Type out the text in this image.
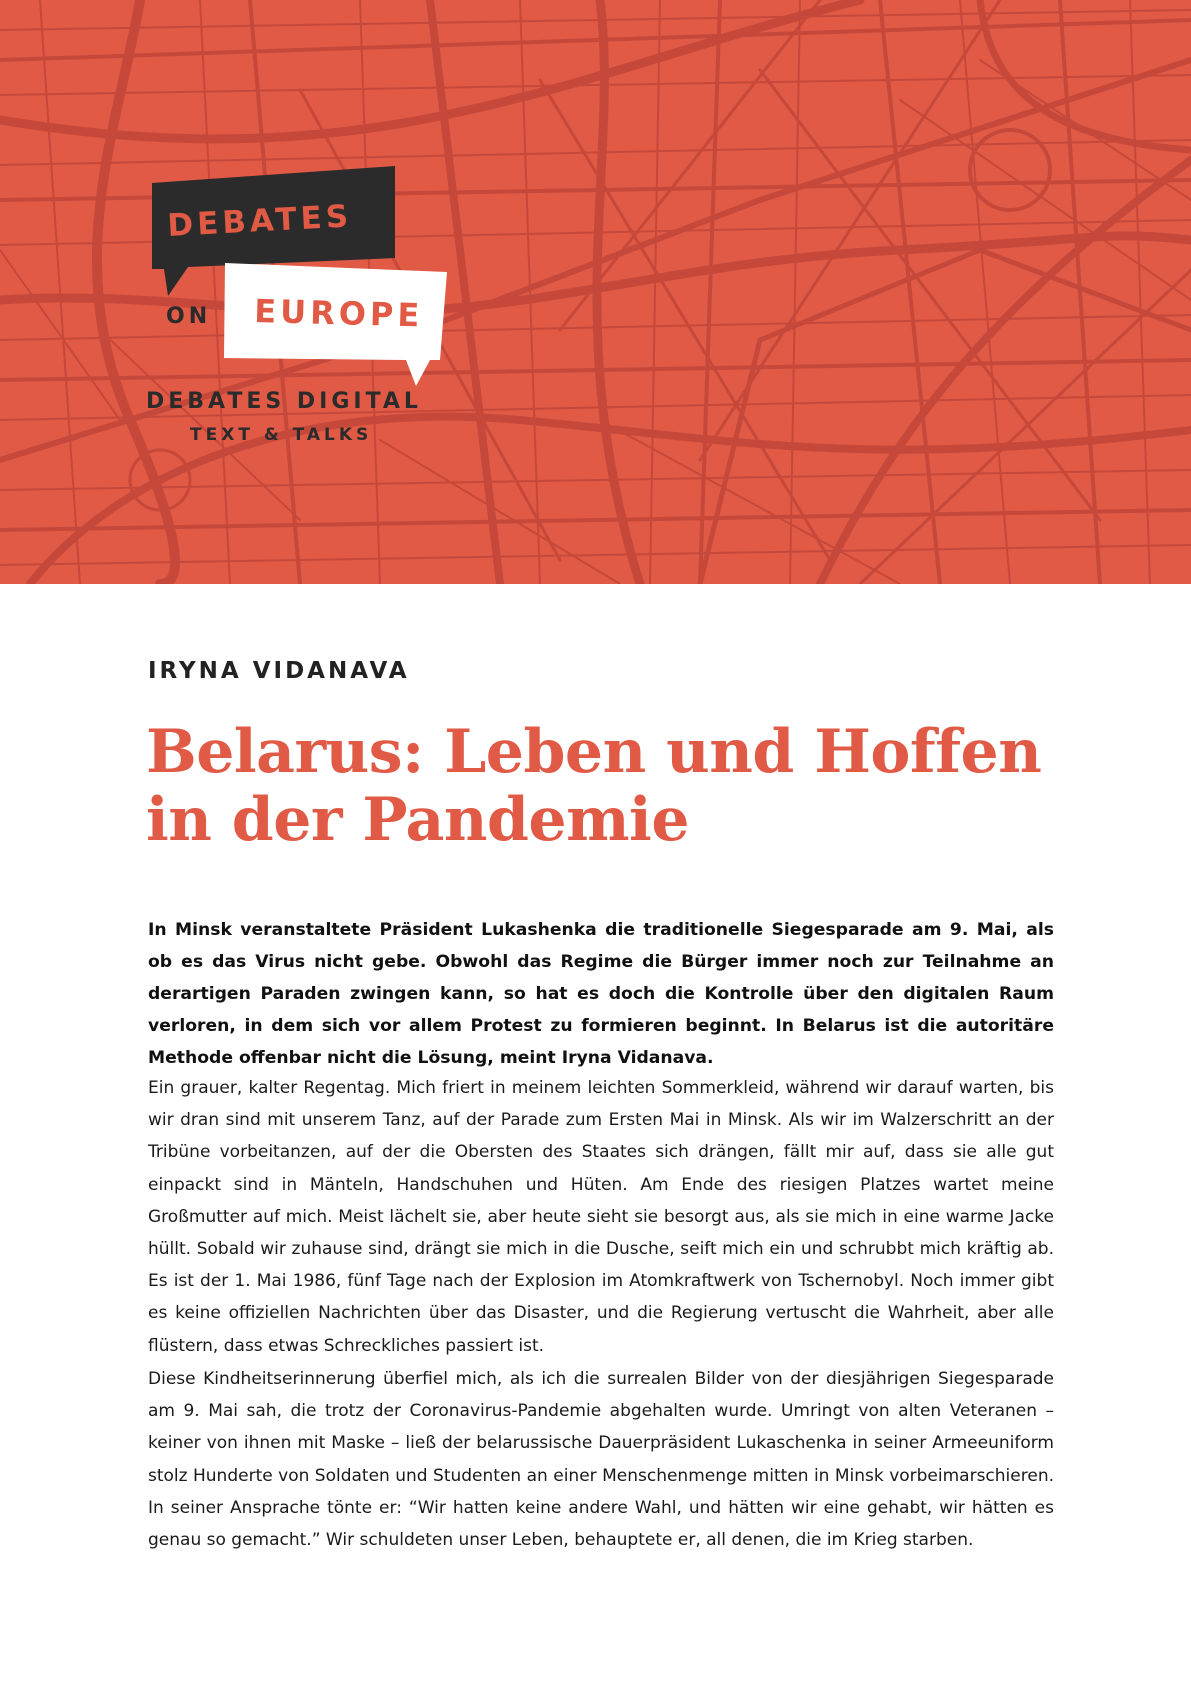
DEBATES
EUROPE
ON
DEBATES DIGITAL
TEXT & TALKS

IRYNA VIDANAVA

Belarus: Leben und Hoffen in der Pandemie

In Minsk veranstaltete Präsident Lukashenka die traditionelle Siegesparade am 9. Mai, als ob es das Virus nicht gebe. Obwohl das Regime die Bürger immer noch zur Teilnahme an derartigen Paraden zwingen kann, so hat es doch die Kontrolle über den digitalen Raum verloren, in dem sich vor allem Protest zu formieren beginnt. In Belarus ist die autoritäre Methode offenbar nicht die Lösung, meint Iryna Vidanava.

Ein grauer, kalter Regentag. Mich friert in meinem leichten Sommerkleid, während wir darauf warten, bis wir dran sind mit unserem Tanz, auf der Parade zum Ersten Mai in Minsk. Als wir im Walzerschritt an der Tribüne vorbeitanzen, auf der die Obersten des Staates sich drängen, fällt mir auf, dass sie alle gut einpackt sind in Mänteln, Handschuhen und Hüten. Am Ende des riesigen Platzes wartet meine Großmutter auf mich. Meist lächelt sie, aber heute sieht sie besorgt aus, als sie mich in eine warme Jacke hüllt. Sobald wir zuhause sind, drängt sie mich in die Dusche, seift mich ein und schrubbt mich kräftig ab. Es ist der 1. Mai 1986, fünf Tage nach der Explosion im Atomkraftwerk von Tschernobyl. Noch immer gibt es keine offiziellen Nachrichten über das Disaster, und die Regierung vertuscht die Wahrheit, aber alle flüstern, dass etwas Schreckliches passiert ist.

Diese Kindheitserinnerung überfiel mich, als ich die surrealen Bilder von der diesjährigen Siegesparade am 9. Mai sah, die trotz der Coronavirus-Pandemie abgehalten wurde. Umringt von alten Veteranen – keiner von ihnen mit Maske – ließ der belarussische Dauerpräsident Lukaschenka in seiner Armeeuniform stolz Hunderte von Soldaten und Studenten an einer Menschenmenge mitten in Minsk vorbeimarschieren. In seiner Ansprache tönte er: “Wir hatten keine andere Wahl, und hätten wir eine gehabt, wir hätten es genau so gemacht.” Wir schuldeten unser Leben, behauptete er, all denen, die im Krieg starben.
